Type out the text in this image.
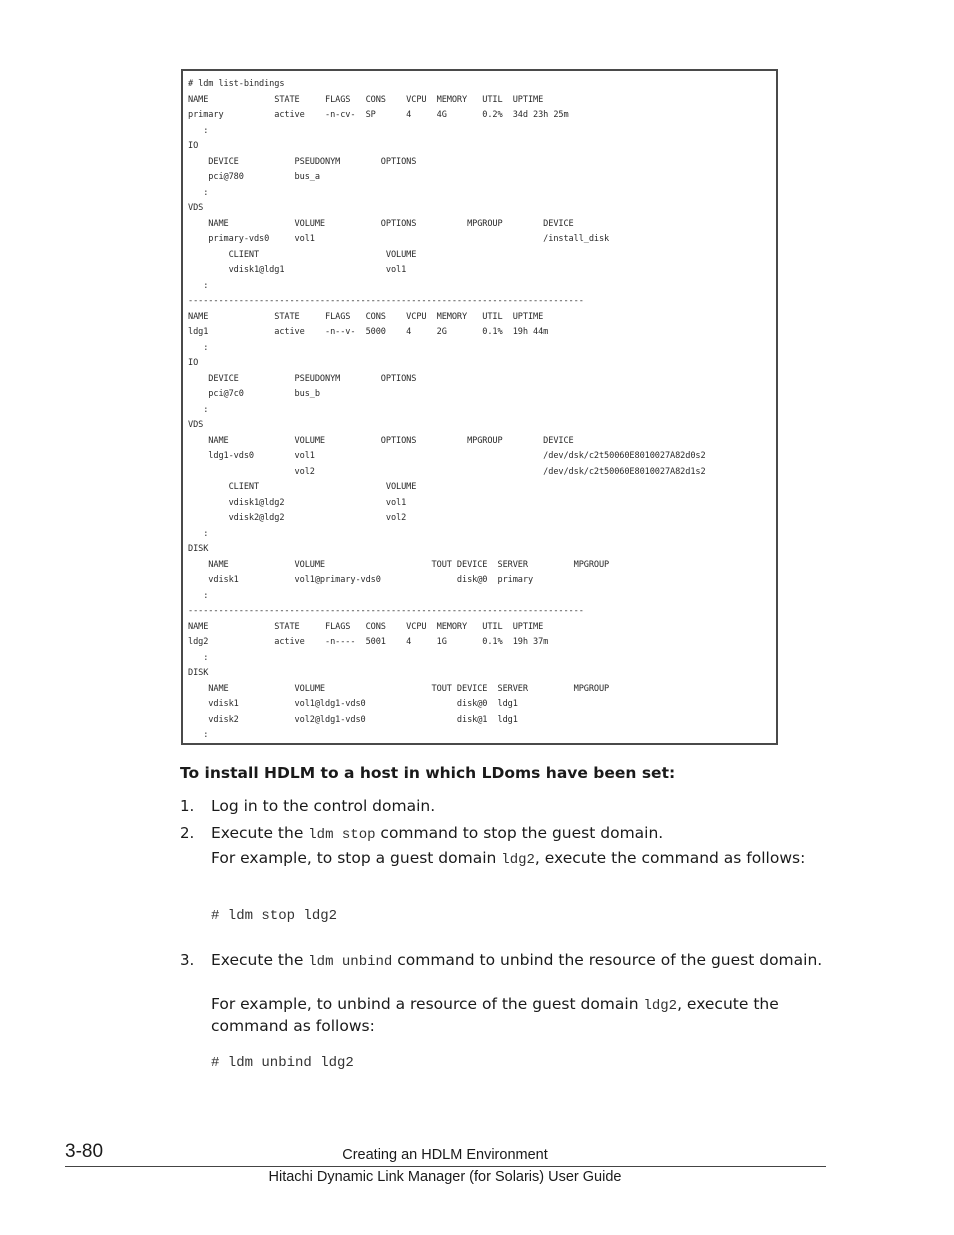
# ldm list-bindings

NAME             STATE     FLAGS   CONS    VCPU  MEMORY   UTIL  UPTIME

primary          active    -n-cv-  SP      4     4G       0.2%  34d 23h 25m

:

IO

DEVICE           PSEUDONYM        OPTIONS

pci@780          bus_a

:

VDS

NAME             VOLUME           OPTIONS          MPGROUP        DEVICE

primary-vds0     vol1                                             /install_disk

CLIENT                         VOLUME

vdisk1@ldg1                    vol1

:

------------------------------------------------------------------------------

NAME             STATE     FLAGS   CONS    VCPU  MEMORY   UTIL  UPTIME

ldg1             active    -n--v-  5000    4     2G       0.1%  19h 44m

:

IO

DEVICE           PSEUDONYM        OPTIONS

pci@7c0          bus_b

:

VDS

NAME             VOLUME           OPTIONS          MPGROUP        DEVICE

ldg1-vds0        vol1                                             /dev/dsk/c2t50060E8010027A82d0s2

vol2                                             /dev/dsk/c2t50060E8010027A82d1s2

CLIENT                         VOLUME

vdisk1@ldg2                    vol1

vdisk2@ldg2                    vol2

:

DISK

NAME             VOLUME                     TOUT DEVICE  SERVER         MPGROUP

vdisk1           vol1@primary-vds0               disk@0  primary

:

------------------------------------------------------------------------------

NAME             STATE     FLAGS   CONS    VCPU  MEMORY   UTIL  UPTIME

ldg2             active    -n----  5001    4     1G       0.1%  19h 37m

:

DISK

NAME             VOLUME                     TOUT DEVICE  SERVER         MPGROUP

vdisk1           vol1@ldg1-vds0                  disk@0  ldg1

vdisk2           vol2@ldg1-vds0                  disk@1  ldg1

:

To install HDLM to a host in which LDoms have been set:

1. Log in to the control domain.

2. Execute the ldm stop command to stop the guest domain.

For example, to stop a guest domain ldg2, execute the command as follows:

# ldm stop ldg2

3. Execute the ldm unbind command to unbind the resource of the guest domain.

For example, to unbind a resource of the guest domain ldg2, execute the command as follows:

# ldm unbind ldg2

3-80	Creating an HDLM Environment

Hitachi Dynamic Link Manager (for Solaris) User Guide
